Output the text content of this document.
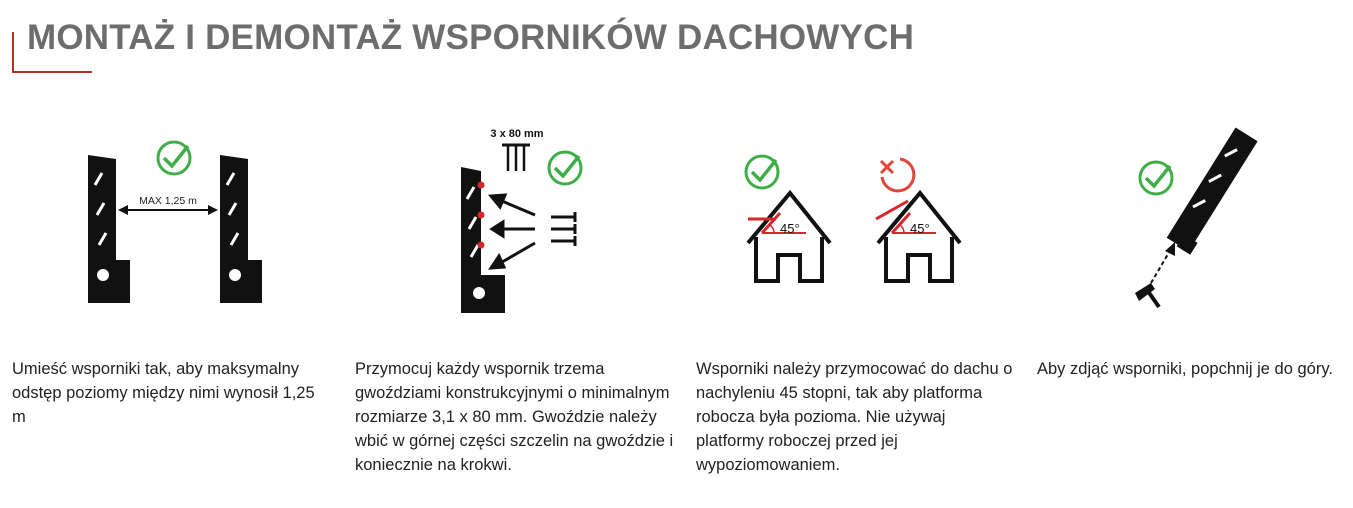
MONTAŻ I DEMONTAŻ WSPORNIKÓW DACHOWYCH
MAX 1,25 m

Umieść wsporniki tak, aby maksymalny odstęp poziomy między nimi wynosił 1,25 m

3 x 80 mm

Przymocuj każdy wspornik trzema gwoździami konstrukcyjnymi o minimalnym rozmiarze 3,1 x 80 mm. Gwoździe należy wbić w górnej części szczelin na gwoździe i koniecznie na krokwi.

45°	45°

Wsporniki należy przymocować do dachu o nachyleniu 45 stopni, tak aby platforma robocza była pozioma. Nie używaj platformy roboczej przed jej wypoziomowaniem.

Aby zdjąć wsporniki, popchnij je do góry.
